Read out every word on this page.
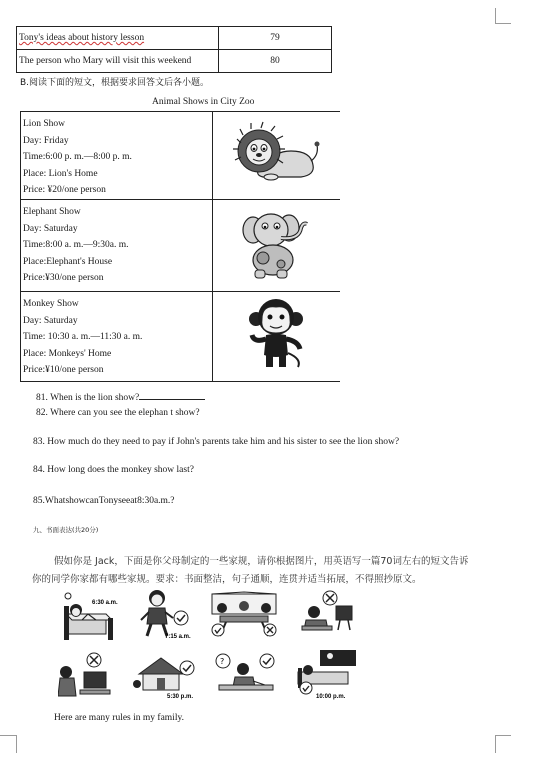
Tony's ideas about history lesson	79
The person who Mary will visit this weekend	80
B.阅读下面的短文，根据要求回答文后各小题。
Animal Shows in City Zoo
Lion Show
Day: Friday
Time:6:00 p. m.—8:00 p. m.
Place: Lion's Home
Price: ¥20/one person

Elephant Show
Day: Saturday
Time:8:00 a. m.—9:30a. m.
Place:Elephant's House
Price:¥30/one person

Monkey Show
Day: Saturday
Time: 10:30 a. m.—11:30 a. m.
Place: Monkeys' Home
Price:¥10/one person

81. When is the lion show?
82. Where can you see the elephan t show?
83. How much do they need to pay if John's parents take him and his sister to see the lion show?
84. How long does the monkey show last?
85.WhatshowcanTonyseeat8:30a.m.?
九、书面表达(共20分)
假如你是 Jack，下面是你父母制定的一些家规，请你根据图片，用英语写一篇70词左右的短文告诉
你的同学你家都有哪些家规。要求：书面整洁，句子通顺，连贯并适当拓展，不得照抄原文。
6:30 a.m.
7:15 a.m.
5:30 p.m.
?
10:00 p.m.
Here are many rules in my family.
